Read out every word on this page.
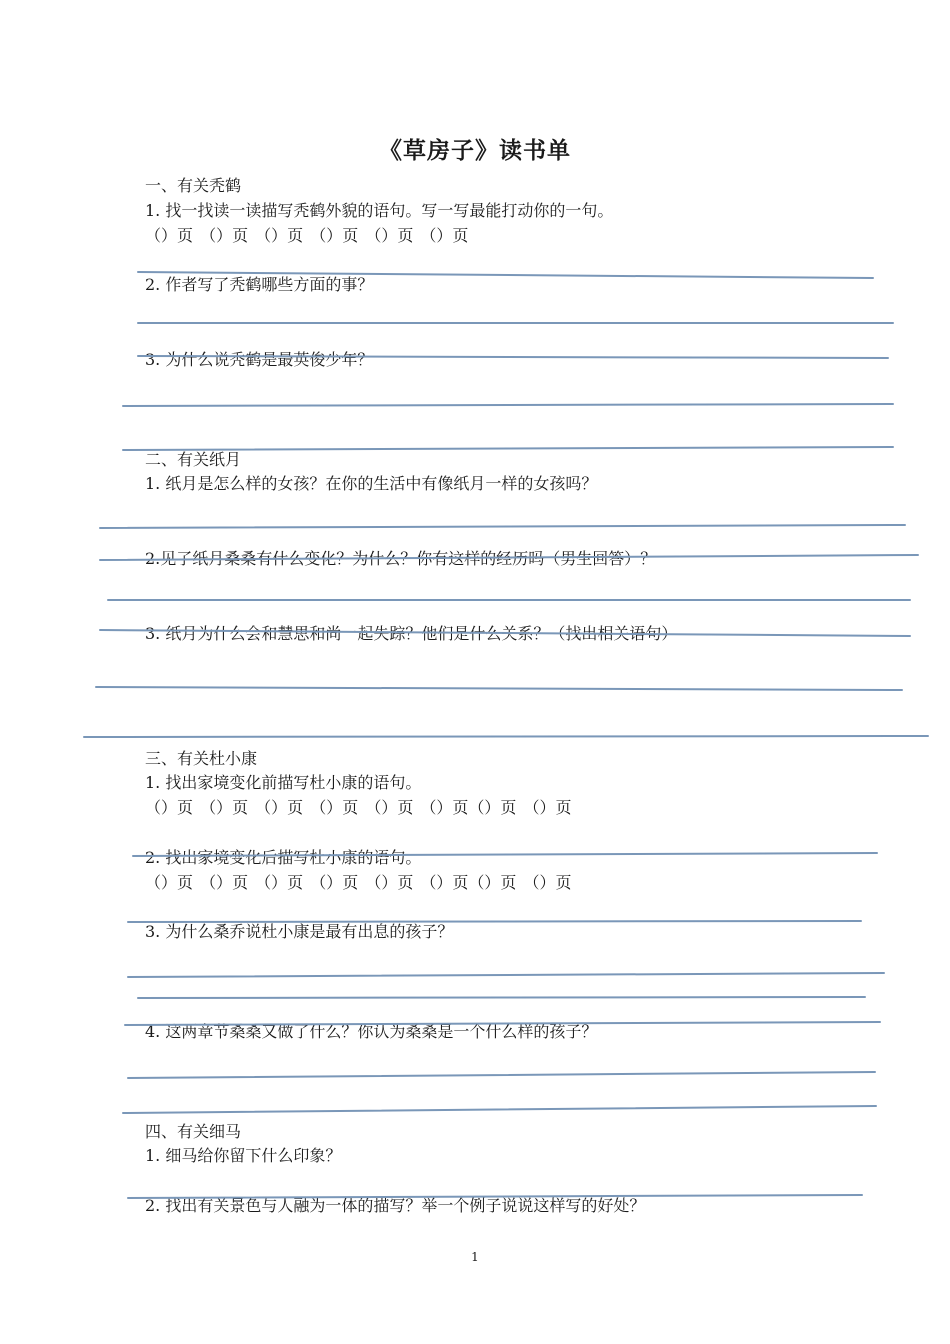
《草房子》读书单
一、有关秃鹤
1. 找一找读一读描写秃鹤外貌的语句。写一写最能打动你的一句。
（）页 （）页 （）页 （）页 （）页 （）页
2. 作者写了秃鹤哪些方面的事？
3. 为什么说秃鹤是最英俊少年？
二、有关纸月
1. 纸月是怎么样的女孩？在你的生活中有像纸月一样的女孩吗？
2.见了纸月桑桑有什么变化？为什么？你有这样的经历吗（男生回答）？
3. 纸月为什么会和慧思和尚一起失踪？他们是什么关系？（找出相关语句）
三、有关杜小康
1. 找出家境变化前描写杜小康的语句。
（）页 （）页 （）页 （）页 （）页 （）页（）页 （）页
2. 找出家境变化后描写杜小康的语句。
（）页 （）页 （）页 （）页 （）页 （）页（）页 （）页
3. 为什么桑乔说杜小康是最有出息的孩子？
4. 这两章节桑桑又做了什么？你认为桑桑是一个什么样的孩子？
四、有关细马
1. 细马给你留下什么印象？
2. 找出有关景色与人融为一体的描写？举一个例子说说这样写的好处？
1
